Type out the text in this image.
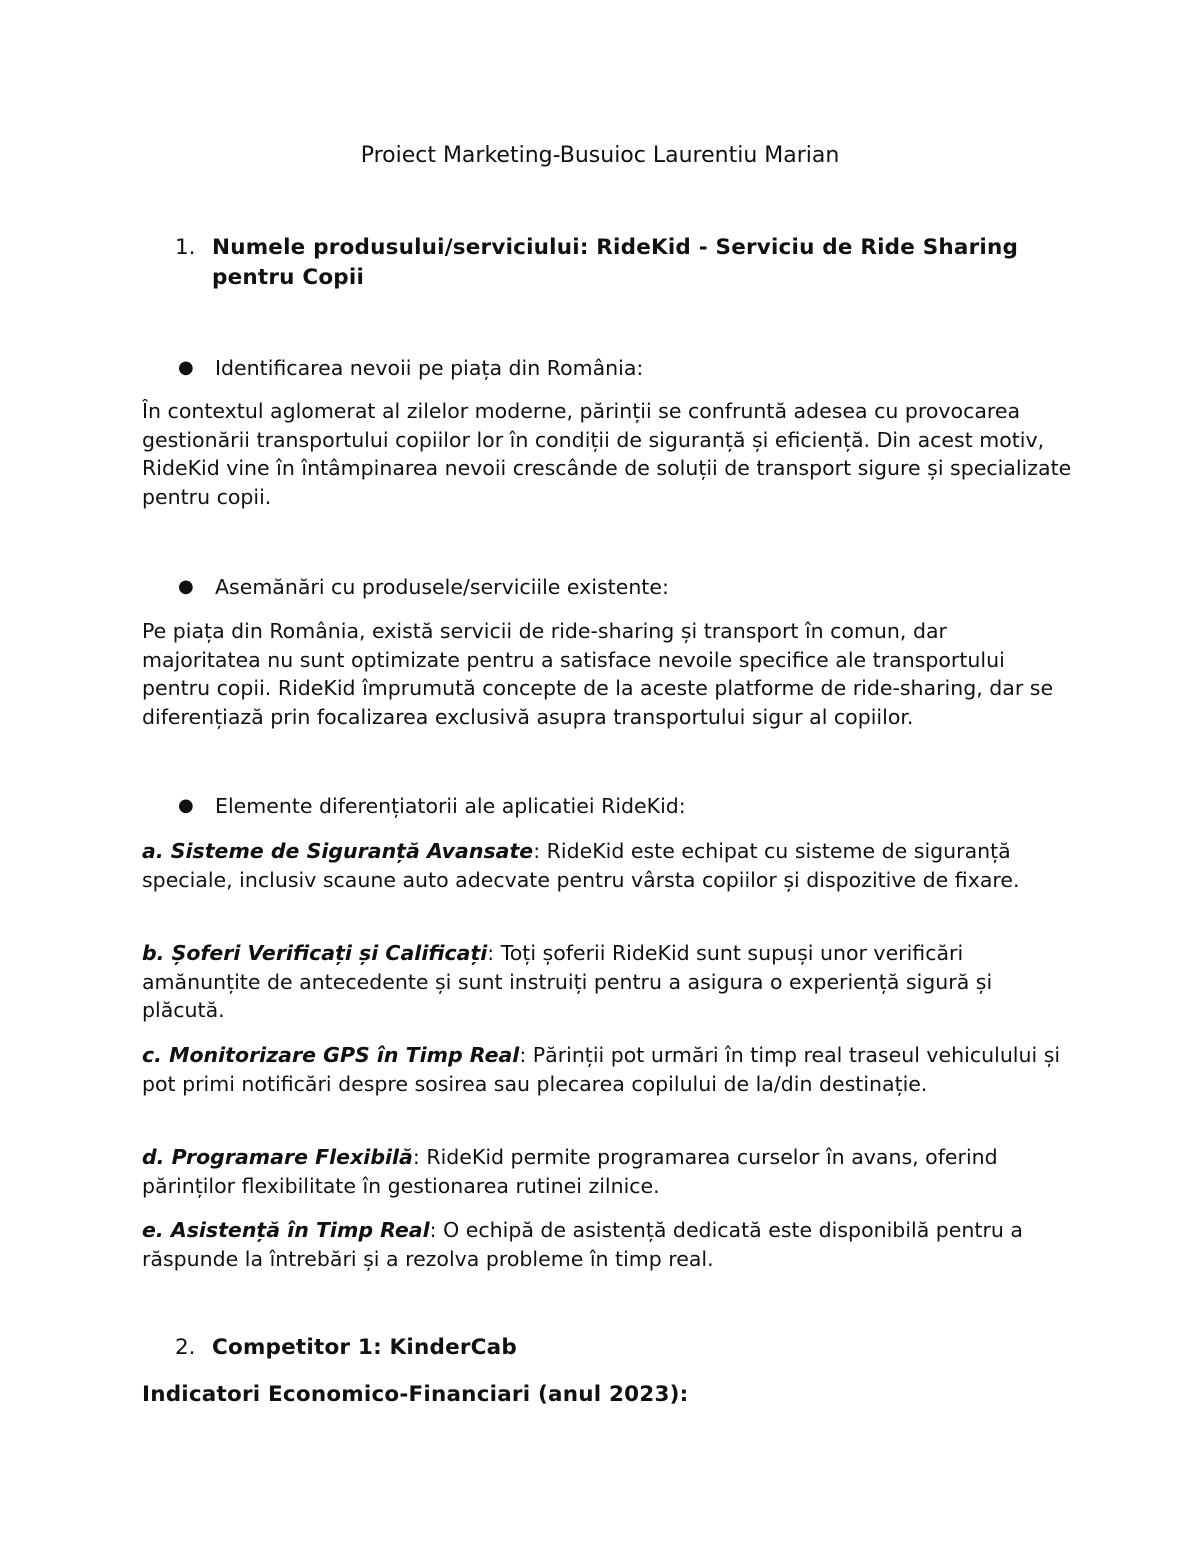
Proiect Marketing-Busuioc Laurentiu Marian
1. Numele produsului/serviciului: RideKid - Serviciu de Ride Sharing pentru Copii
● Identificarea nevoii pe piața din România:
În contextul aglomerat al zilelor moderne, părinții se confruntă adesea cu provocarea gestionării transportului copiilor lor în condiții de siguranță și eficiență. Din acest motiv, RideKid vine în întâmpinarea nevoii crescânde de soluții de transport sigure și specializate pentru copii.
● Asemănări cu produsele/serviciile existente:
Pe piața din România, există servicii de ride-sharing și transport în comun, dar majoritatea nu sunt optimizate pentru a satisface nevoile specifice ale transportului pentru copii. RideKid împrumută concepte de la aceste platforme de ride-sharing, dar se diferențiază prin focalizarea exclusivă asupra transportului sigur al copiilor.
● Elemente diferențiatorii ale aplicatiei RideKid:
a. Sisteme de Siguranță Avansate: RideKid este echipat cu sisteme de siguranță speciale, inclusiv scaune auto adecvate pentru vârsta copiilor și dispozitive de fixare.
b. Șoferi Verificați și Calificați: Toți șoferii RideKid sunt supuși unor verificări amănunțite de antecedente și sunt instruiți pentru a asigura o experiență sigură și plăcută.
c. Monitorizare GPS în Timp Real: Părinții pot urmări în timp real traseul vehiculului și pot primi notificări despre sosirea sau plecarea copilului de la/din destinație.
d. Programare Flexibilă: RideKid permite programarea curselor în avans, oferind părinților flexibilitate în gestionarea rutinei zilnice.
e. Asistență în Timp Real: O echipă de asistență dedicată este disponibilă pentru a răspunde la întrebări și a rezolva probleme în timp real.
2. Competitor 1: KinderCab
Indicatori Economico-Financiari (anul 2023):
